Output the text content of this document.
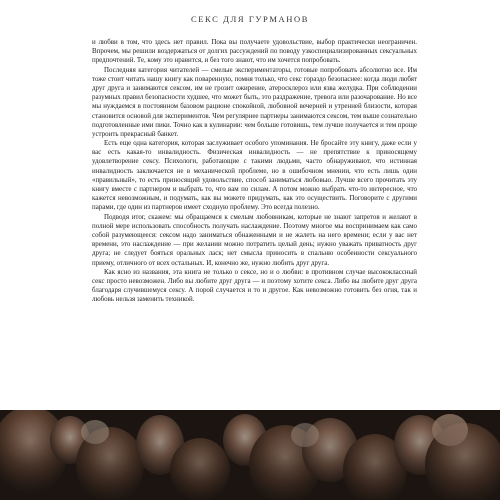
СЕКС ДЛЯ ГУРМАНОВ

и любви в том, что здесь нет правил. Пока вы получаете удовольствие, выбор практически неограничен. Впрочем, мы решили воздержаться от долгих рассуждений по поводу узкоспециализированных сексуальных предпочтений. Те, кому это нравится, и без того знают, что им хочется попробовать.

Последняя категория читателей — смелые экспериментаторы, готовые попробовать абсолютно все. Им тоже стоит читать нашу книгу как поваренную, помня только, что секс гораздо безопаснее: когда люди любят друг друга и занимаются сексом, им не грозит ожирение, атеросклероз или язва желудка. При соблюдении разумных правил безопасности худшее, что может быть, это раздражение, тревога или разочарование. Но все мы нуждаемся в постоянном базовом рационе спокойной, любовной вечерней и утренней близости, которая становится основой для экспериментов. Чем регулярнее партнеры занимаются сексом, тем выше сознательно подготовленные ими пики. Точно как в кулинарии: чем больше готовишь, тем лучше получается и тем проще устроить прекрасный банкет.

Есть еще одна категория, которая заслуживает особого упоминания. Не бросайте эту книгу, даже если у вас есть какая-то инвалидность. Физическая инвалидность — не препятствие к приносящему удовлетворение сексу. Психологи, работающие с такими людьми, часто обнаруживают, что истинная инвалидность заключается не в механической проблеме, но в ошибочном мнении, что есть лишь один «правильный», то есть приносящий удовольствие, способ заниматься любовью. Лучше всего прочитать эту книгу вместе с партнером и выбрать то, что вам по силам. А потом можно выбрать что-то интересное, что кажется невозможным, и подумать, как вы можете придумать, как это осуществить. Поговорите с другими парами, где один из партнеров имеет сходную проблему. Это всегда полезно.

Подводя итог, скажем: мы обращаемся к смелым любовникам, которые не знают запретов и желают в полной мере использовать способность получать наслаждение. Поэтому многое мы воспринимаем как само собой разумеющееся: сексом надо заниматься обнаженными и не жалеть на него времени; если у вас нет времени, это наслаждение — при желании можно потратить целый день; нужно уважать приватность друг друга; не следует бояться оральных ласк; нет смысла приносить в спальню особенности сексуального приему, отличного от всех остальных. И, конечно же, нужно любить друг друга.

Как ясно из названия, эта книга не только о сексе, но и о любви: в противном случае высококлассный секс просто невозможен. Либо вы любите друг друга — и поэтому хотите секса. Либо вы любите друг друга благодаря случившемуся сексу. А порой случается и то и другое. Как невозможно готовить без огня, так и любовь нельзя заменить техникой.
